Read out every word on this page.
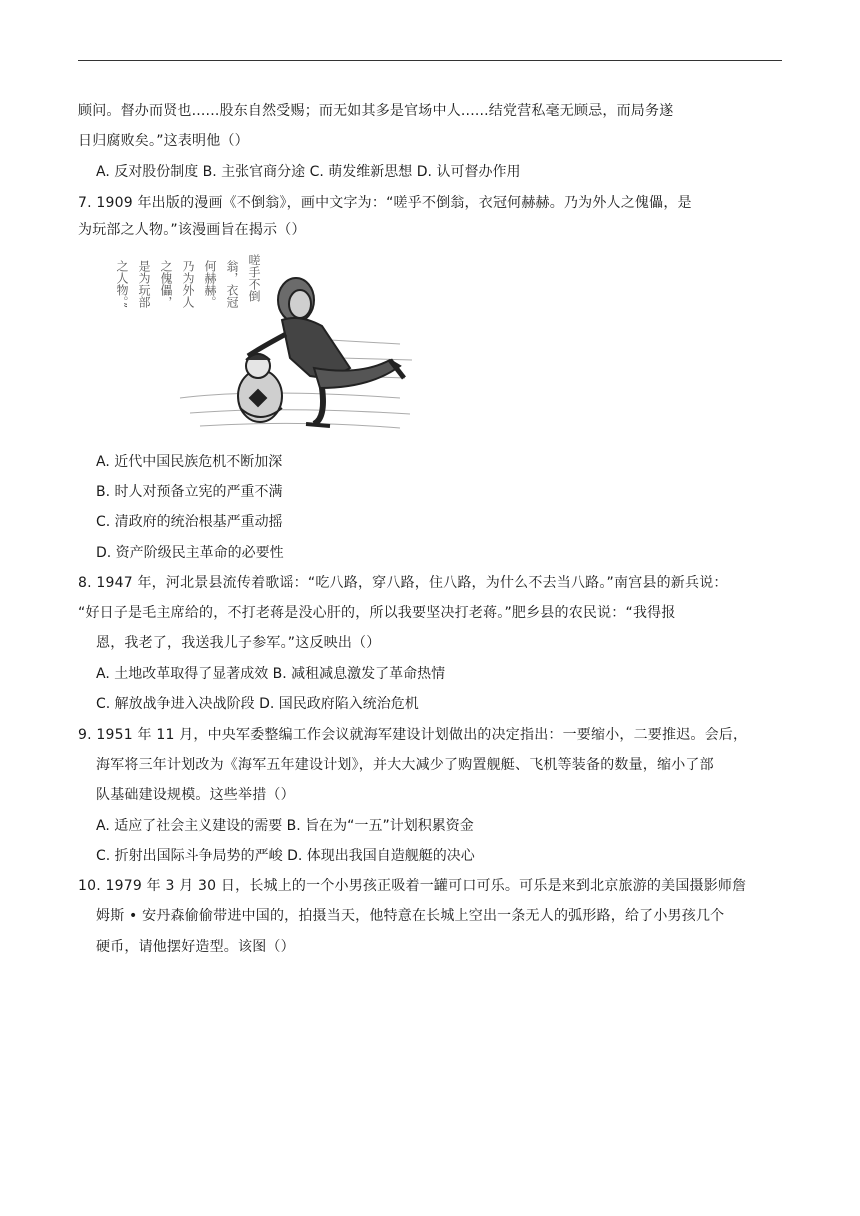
顾问。督办而贤也......股东自然受赐；而无如其多是官场中人......结党营私毫无顾忌，而局务遂
日归腐败矣。”这表明他（）
A. 反对股份制度 B. 主张官商分途 C. 萌发维新思想 D. 认可督办作用
7. 1909 年出版的漫画《不倒翁》，画中文字为：“嗟乎不倒翁，衣冠何赫赫。乃为外人之傀儡，是
为玩部之人物。”该漫画旨在揭示（）
之人物。” 是为玩部 之傀儡， 乃为外人 何赫赫。 翁，衣冠 嗟手不倒
A. 近代中国民族危机不断加深
B. 时人对预备立宪的严重不满
C. 清政府的统治根基严重动摇
D. 资产阶级民主革命的必要性
8. 1947 年，河北景县流传着歌谣：“吃八路，穿八路，住八路，为什么不去当八路。”南宫县的新兵说：
“好日子是毛主席给的，不打老蒋是没心肝的，所以我要坚决打老蒋。”肥乡县的农民说：“我得报
恩，我老了，我送我儿子参军。”这反映出（）
A. 土地改革取得了显著成效 B. 减租减息激发了革命热情
C. 解放战争进入决战阶段 D. 国民政府陷入统治危机
9. 1951 年 11 月，中央军委整编工作会议就海军建设计划做出的决定指出：一要缩小，二要推迟。会后，
海军将三年计划改为《海军五年建设计划》，并大大减少了购置舰艇、飞机等装备的数量，缩小了部
队基础建设规模。这些举措（）
A. 适应了社会主义建设的需要 B. 旨在为“一五”计划积累资金
C. 折射出国际斗争局势的严峻 D. 体现出我国自造舰艇的决心
10. 1979 年 3 月 30 日，长城上的一个小男孩正吸着一罐可口可乐。可乐是来到北京旅游的美国摄影师詹
姆斯 • 安丹森偷偷带进中国的，拍摄当天，他特意在长城上空出一条无人的弧形路，给了小男孩几个
硬币，请他摆好造型。该图（）
